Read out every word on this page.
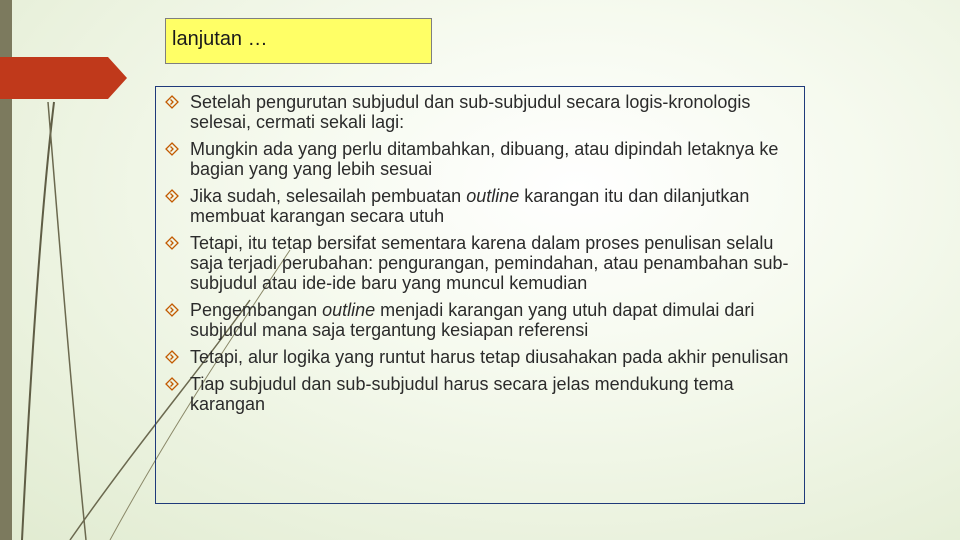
lanjutan …
Setelah pengurutan subjudul dan sub-subjudul secara logis-kronologis selesai, cermati sekali lagi:
Mungkin ada yang perlu ditambahkan, dibuang, atau dipindah letaknya ke bagian yang yang lebih sesuai
Jika sudah, selesailah pembuatan outline karangan itu dan dilanjutkan membuat karangan secara utuh
Tetapi, itu tetap bersifat sementara karena dalam proses penulisan selalu saja terjadi perubahan: pengurangan, pemindahan, atau penambahan sub-subjudul atau ide-ide baru yang muncul kemudian
Pengembangan outline menjadi karangan yang utuh dapat dimulai dari subjudul mana saja tergantung kesiapan referensi
Tetapi, alur logika yang runtut harus tetap diusahakan pada akhir penulisan
Tiap subjudul dan sub-subjudul harus secara jelas mendukung tema karangan
